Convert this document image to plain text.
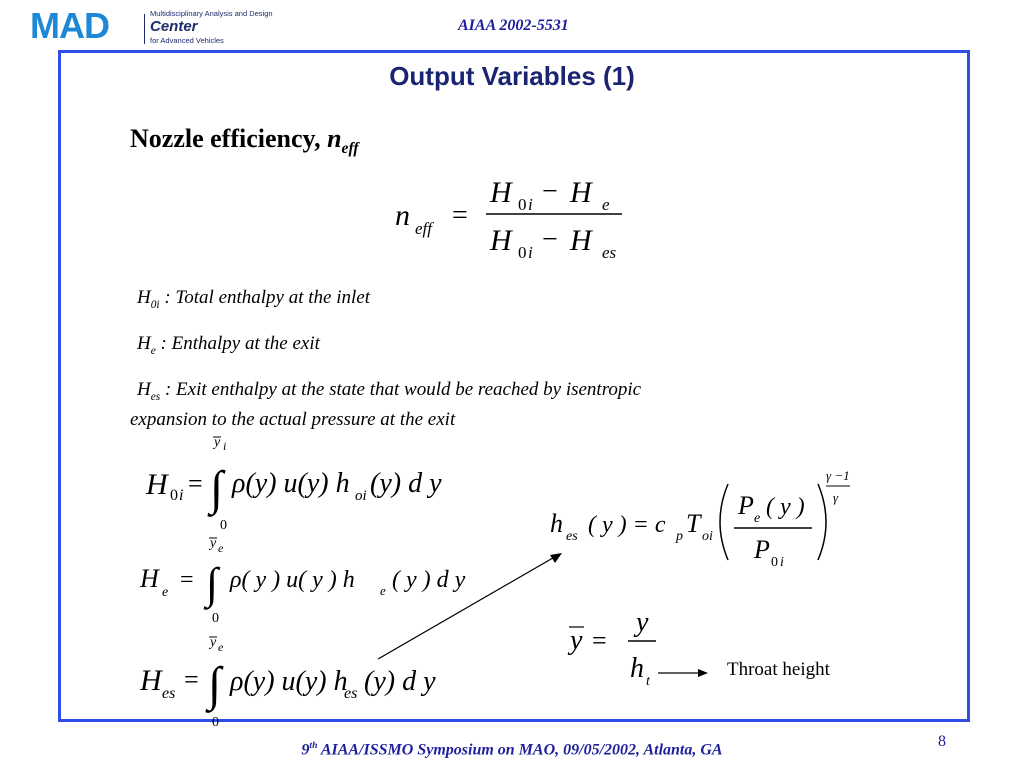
MAD	Multidisciplinary Analysis and Design
Center
for Advanced Vehicles
AIAA 2002-5531
Output Variables (1)
Nozzle efficiency, $n_{eff}$
n eff =
H 0 i − H e
H 0 i − H es
$H_{0i}$ : Total enthalpy at the inlet
$H_e$ : Enthalpy at the exit
$H_{es}$ : Exit enthalpy at the state that would be reached by isentropic
expansion to the actual pressure at the exit
y i
H 0 i = ∫ ρ(y) u(y) h oi (y) d y
0
y e
H e = ∫ ρ( y ) u( y ) h e ( y ) d y
0
y e
H es = ∫ ρ(y) u(y) h
es (y) d y
0
h es ( y ) = c p T oi
P e ( y )
P 0 i
γ −1
γ
y =
y
h t
Throat height
9th AIAA/ISSMO Symposium on MAO, 09/05/2002, Atlanta, GA	8
